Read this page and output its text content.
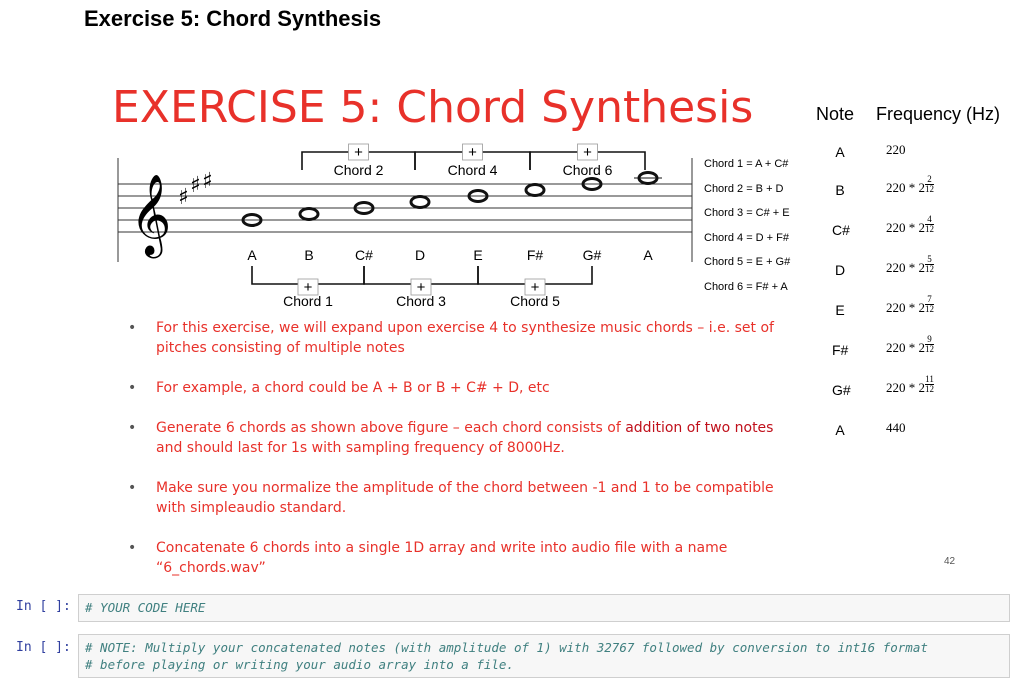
Exercise 5: Chord Synthesis
EXERCISE 5: Chord Synthesis
𝄞 ♯ ♯ ♯
A	B	C#	D	E	F#	G#	A
+
Chord 2
+
Chord 4
+
Chord 6
+
Chord 1
+
Chord 3
+
Chord 5
Chord 1 = A + C#
Chord 2 = B + D
Chord 3 = C# + E
Chord 4 = D + F#
Chord 5 = E + G#
Chord 6 = F# + A
Note Frequency (Hz)
A	220
B	$220 * 2 \frac{2}{12}$
C#	$220 * 2 \frac{4}{12}$
D	$220 * 2 \frac{5}{12}$
E	$220 * 2 \frac{7}{12}$
F#	$220 * 2 \frac{9}{12}$
G#	$220 * 2 \frac{11}{12}$
A	440
• For this exercise, we will expand upon exercise 4 to synthesize music chords – i.e. set of pitches consisting of multiple notes
• For example, a chord could be A + B or B + C# + D, etc
• Generate 6 chords as shown above figure – each chord consists of addition of two notes and should last for 1s with sampling frequency of 8000Hz.
• Make sure you normalize the amplitude of the chord between -1 and 1 to be compatible with simpleaudio standard.
• Concatenate 6 chords into a single 1D array and write into audio file with a name “6_chords.wav”	42
In [ ]:	# YOUR CODE HERE
In [ ]:	# NOTE: Multiply your concatenated notes (with amplitude of 1) with 32767 followed by conversion to int16 format
# before playing or writing your audio array into a file.
